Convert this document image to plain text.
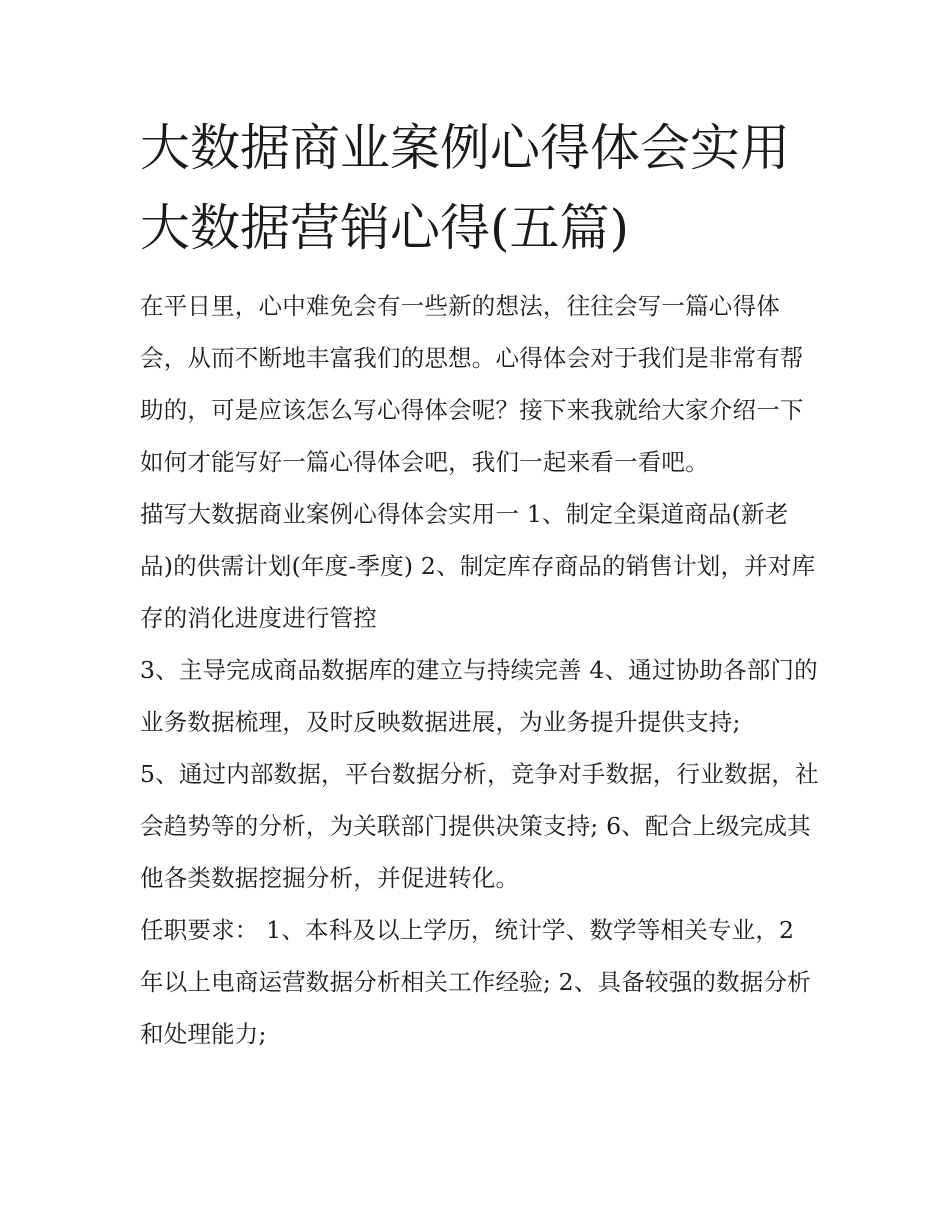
大数据商业案例心得体会实用大数据营销心得(五篇)

在平日里，心中难免会有一些新的想法，往往会写一篇心得体会，从而不断地丰富我们的思想。心得体会对于我们是非常有帮助的，可是应该怎么写心得体会呢？接下来我就给大家介绍一下如何才能写好一篇心得体会吧，我们一起来看一看吧。

描写大数据商业案例心得体会实用一 1、制定全渠道商品(新老品)的供需计划(年度-季度) 2、制定库存商品的销售计划，并对库存的消化进度进行管控

3、主导完成商品数据库的建立与持续完善 4、通过协助各部门的业务数据梳理，及时反映数据进展，为业务提升提供支持;

5、通过内部数据，平台数据分析，竞争对手数据，行业数据，社会趋势等的分析，为关联部门提供决策支持; 6、配合上级完成其他各类数据挖掘分析，并促进转化。

任职要求： 1、本科及以上学历，统计学、数学等相关专业，2 年以上电商运营数据分析相关工作经验; 2、具备较强的数据分析和处理能力;
